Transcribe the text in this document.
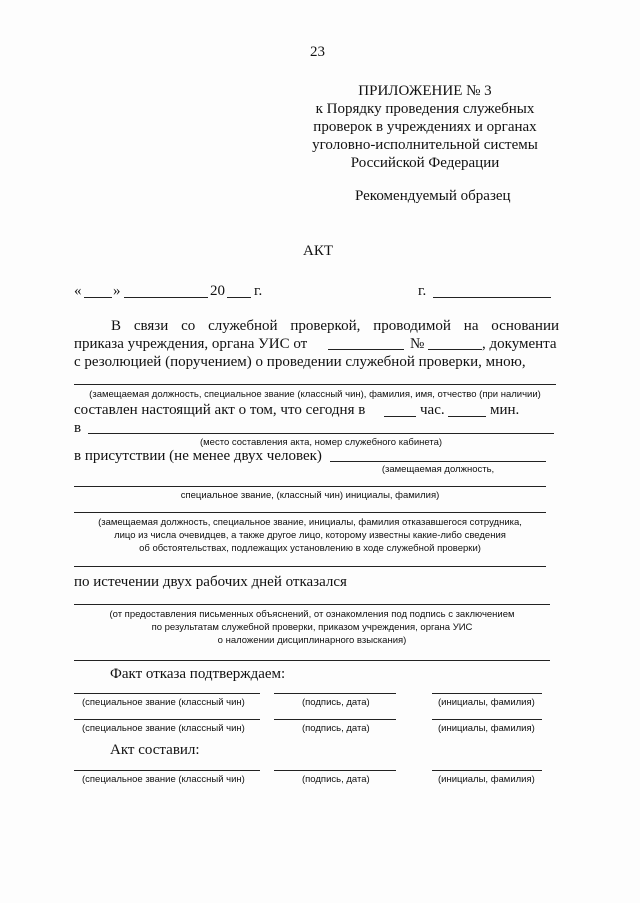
23
ПРИЛОЖЕНИЕ № 3
к Порядку проведения служебных
проверок в учреждениях и органах
уголовно-исполнительной системы
Российской Федерации
Рекомендуемый образец
АКТ
« »	20 г.	г.
В связи со служебной проверкой, проводимой на основании
приказа учреждения, органа УИС от	№	, документа
с резолюцией (поручением) о проведении служебной проверки, мною,
(замещаемая должность, специальное звание (классный чин), фамилия, имя, отчество (при наличии)
составлен настоящий акт о том, что сегодня в	час.	мин.
в
(место составления акта, номер служебного кабинета)
в присутствии (не менее двух человек)
(замещаемая должность,
специальное звание, (классный чин) инициалы, фамилия)
(замещаемая должность, специальное звание, инициалы, фамилия отказавшегося сотрудника,
лицо из числа очевидцев, а также другое лицо, которому известны какие-либо сведения
об обстоятельствах, подлежащих установлению в ходе служебной проверки)
по истечении двух рабочих дней отказался
(от предоставления письменных объяснений, от ознакомления под подпись с заключением
по результатам служебной проверки, приказом учреждения, органа УИС
о наложении дисциплинарного взыскания)
Факт отказа подтверждаем:
(специальное звание (классный чин)	(подпись, дата)	(инициалы, фамилия)
(специальное звание (классный чин)	(подпись, дата)	(инициалы, фамилия)
Акт составил:
(специальное звание (классный чин)	(подпись, дата)	(инициалы, фамилия)
